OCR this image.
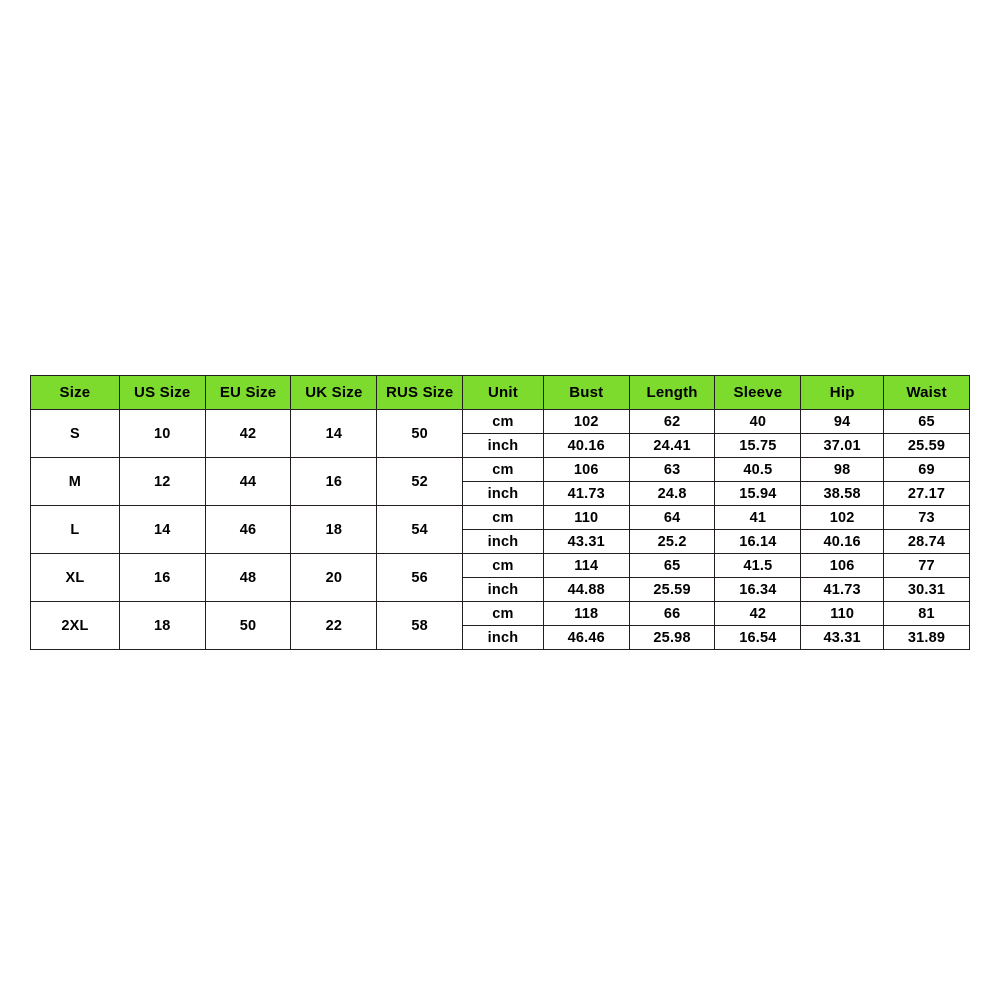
Size	US Size	EU Size	UK Size	RUS Size	Unit	Bust	Length	Sleeve	Hip	Waist
S	10	42	14	50	cm	102	62	40	94	65
					inch	40.16	24.41	15.75	37.01	25.59
M	12	44	16	52	cm	106	63	40.5	98	69
					inch	41.73	24.8	15.94	38.58	27.17
L	14	46	18	54	cm	110	64	41	102	73
					inch	43.31	25.2	16.14	40.16	28.74
XL	16	48	20	56	cm	114	65	41.5	106	77
					inch	44.88	25.59	16.34	41.73	30.31
2XL	18	50	22	58	cm	118	66	42	110	81
					inch	46.46	25.98	16.54	43.31	31.89
